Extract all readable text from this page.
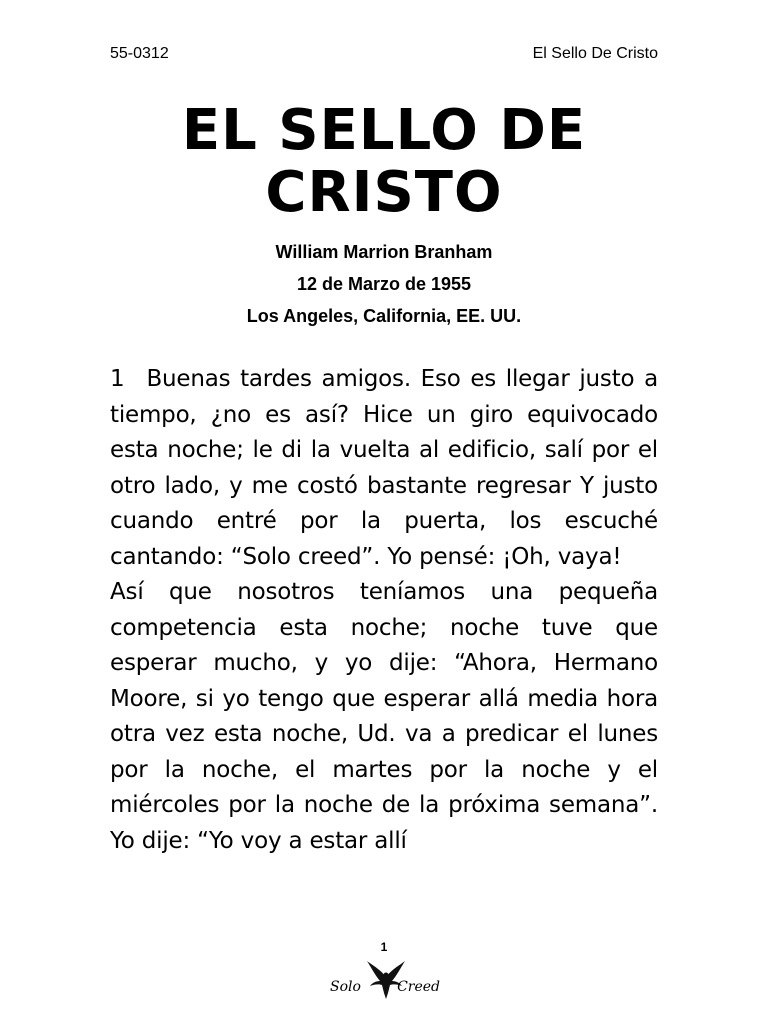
55-0312	El Sello De Cristo
EL SELLO DE
CRISTO
William Marrion Branham
12 de Marzo de 1955
Los Angeles, California, EE. UU.

1 Buenas tardes amigos. Eso es llegar justo a tiempo, ¿no es así? Hice un giro equivocado esta noche; le di la vuelta al edificio, salí por el otro lado, y me costó bastante regresar Y justo cuando entré por la puerta, los escuché cantando: “Solo creed”. Yo pensé: ¡Oh, vaya!

Así que nosotros teníamos una pequeña competencia esta noche; noche tuve que esperar mucho, y yo dije: “Ahora, Hermano Moore, si yo tengo que esperar allá media hora otra vez esta noche, Ud. va a predicar el lunes por la noche, el martes por la noche y el miércoles por la noche de la próxima semana”. Yo dije: “Yo voy a estar allí

1
Solo	Creed
